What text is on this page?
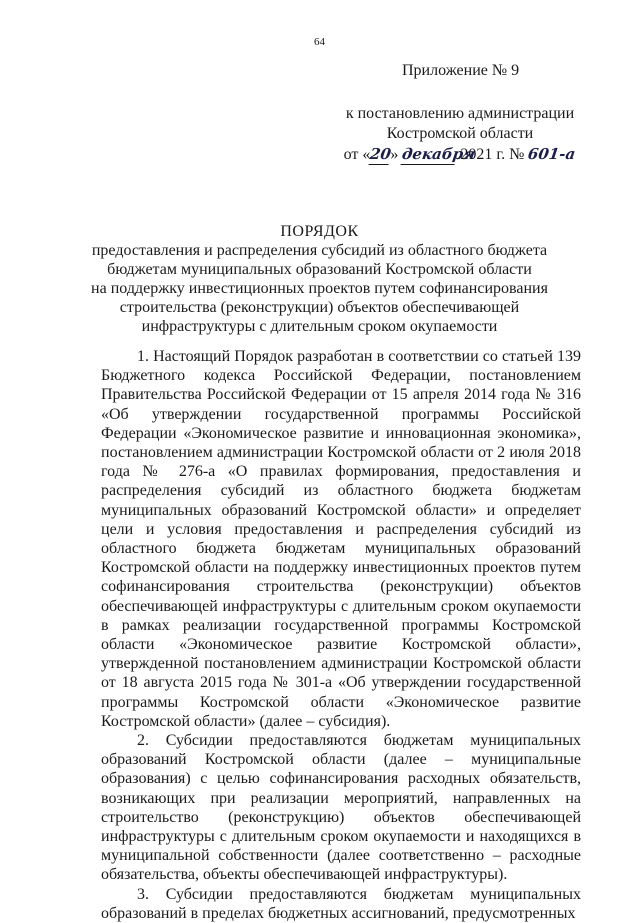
64
Приложение № 9
к постановлению администрации
Костромской области
от «20» декабря 2021 г. № 601-а
ПОРЯДОК
предоставления и распределения субсидий из областного бюджета
бюджетам муниципальных образований Костромской области
на поддержку инвестиционных проектов путем софинансирования
строительства (реконструкции) объектов обеспечивающей
инфраструктуры с длительным сроком окупаемости

1. Настоящий Порядок разработан в соответствии со статьей 139 Бюджетного кодекса Российской Федерации, постановлением Правительства Российской Федерации от 15 апреля 2014 года № 316 «Об утверждении государственной программы Российской Федерации «Экономическое развитие и инновационная экономика», постановлением администрации Костромской области от 2 июля 2018 года № 276-а «О правилах формирования, предоставления и распределения субсидий из областного бюджета бюджетам муниципальных образований Костромской области» и определяет цели и условия предоставления и распределения субсидий из областного бюджета бюджетам муниципальных образований Костромской области на поддержку инвестиционных проектов путем софинансирования строительства (реконструкции) объектов обеспечивающей инфраструктуры с длительным сроком окупаемости в рамках реализации государственной программы Костромской области «Экономическое развитие Костромской области», утвержденной постановлением администрации Костромской области от 18 августа 2015 года № 301-а «Об утверждении государственной программы Костромской области «Экономическое развитие Костромской области» (далее – субсидия).

2. Субсидии предоставляются бюджетам муниципальных образований Костромской области (далее – муниципальные образования) с целью софинансирования расходных обязательств, возникающих при реализации мероприятий, направленных на строительство (реконструкцию) объектов обеспечивающей инфраструктуры с длительным сроком окупаемости и находящихся в муниципальной собственности (далее соответственно – расходные обязательства, объекты обеспечивающей инфраструктуры).

3. Субсидии предоставляются бюджетам муниципальных образований в пределах бюджетных ассигнований, предусмотренных
